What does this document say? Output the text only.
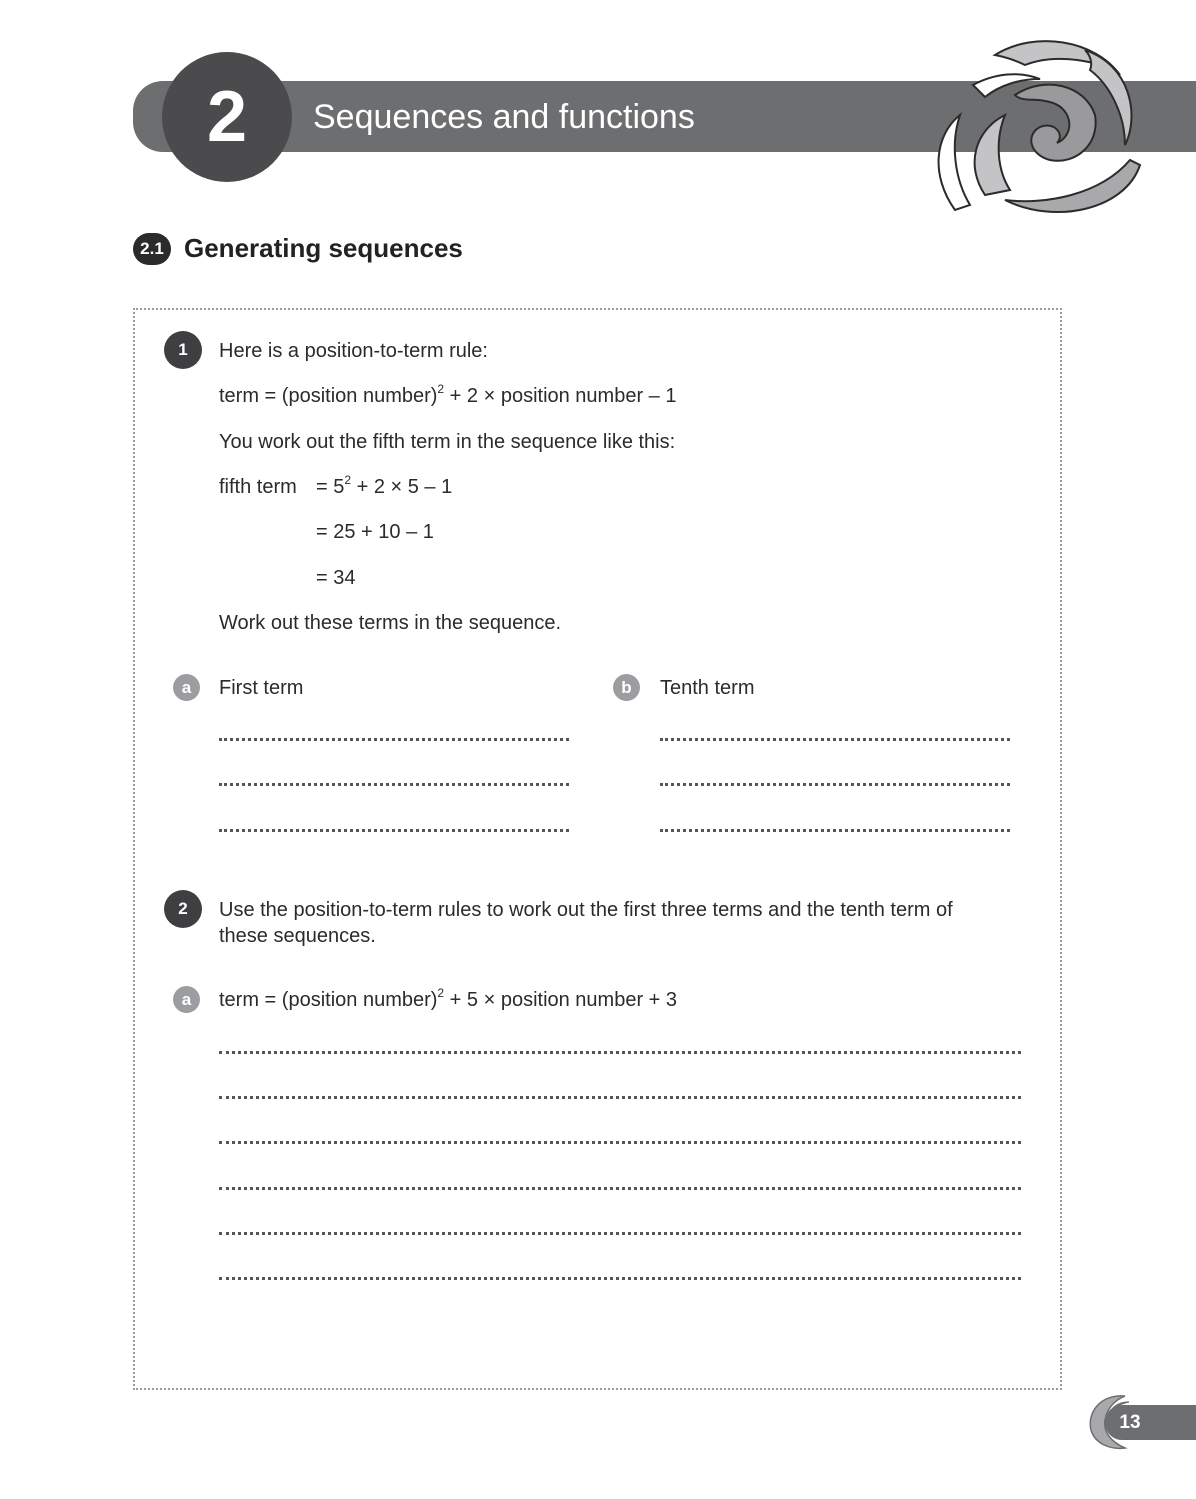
2	Sequences and functions
2.1 Generating sequences
1	Here is a position-to-term rule:
term = (position number)$^2$ + 2 × position number – 1
You work out the fifth term in the sequence like this:
fifth term = $5^2 + 2 \times 5 - 1$
= 25 + 10 – 1
= 34
Work out these terms in the sequence.
a	First term	b	Tenth term
2	Use the position-to-term rules to work out the first three terms and the tenth term of
these sequences.
a	term = (position number)$^2$ + 5 × position number + 3
13
